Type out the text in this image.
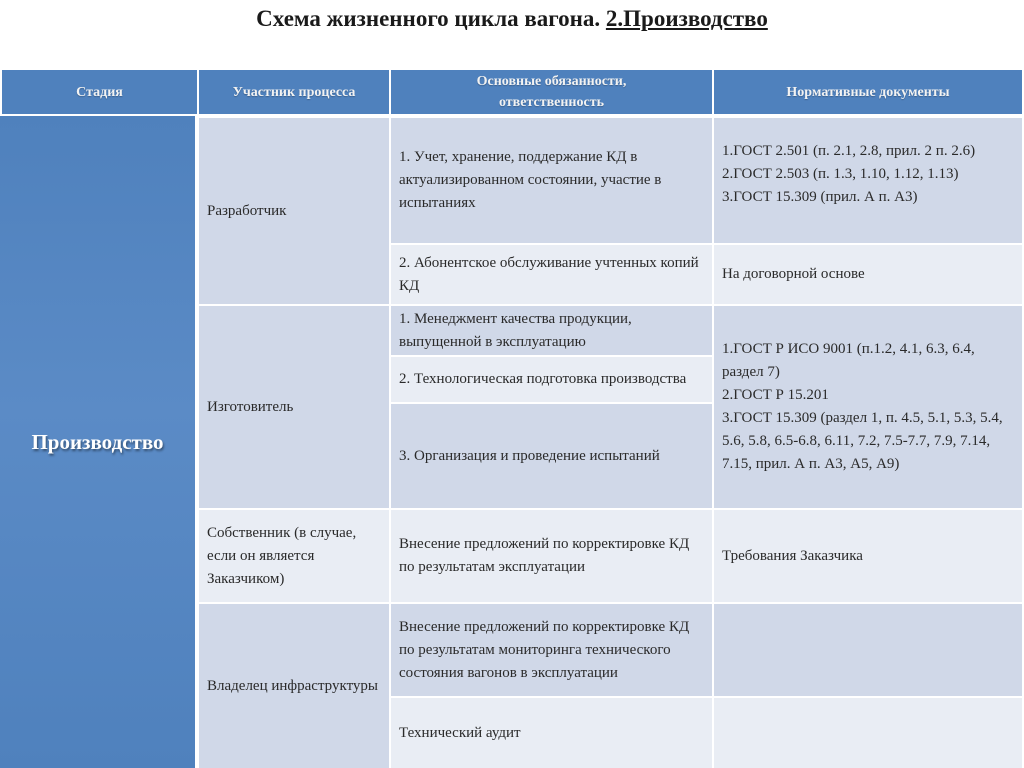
Схема жизненного цикла вагона. 2.Производство
Стадия	Участник процесса
Основные обязанности,
ответственность
Нормативные документы
Производство
Разработчик
1. Учет, хранение, поддержание КД в актуализированном состоянии, участие в испытаниях
1.ГОСТ 2.501 (п. 2.1, 2.8, прил. 2 п. 2.6)
2.ГОСТ 2.503 (п. 1.3, 1.10, 1.12, 1.13)
3.ГОСТ 15.309 (прил. А п. А3)
2. Абонентское обслуживание учтенных копий КД
На договорной основе
Изготовитель
1. Менеджмент качества продукции, выпущенной в эксплуатацию
2. Технологическая подготовка производства
3. Организация и проведение испытаний
1.ГОСТ Р ИСО 9001 (п.1.2, 4.1, 6.3, 6.4, раздел 7)
2.ГОСТ Р 15.201
3.ГОСТ 15.309 (раздел 1, п. 4.5, 5.1, 5.3, 5.4, 5.6, 5.8, 6.5-6.8, 6.11, 7.2, 7.5-7.7, 7.9, 7.14, 7.15, прил. А п. А3, А5, А9)
Собственник (в случае, если он является Заказчиком)
Внесение предложений по корректировке КД по результатам эксплуатации
Требования Заказчика
Владелец инфраструктуры
Внесение предложений по корректировке КД по результатам мониторинга технического состояния вагонов в эксплуатации
Технический аудит
